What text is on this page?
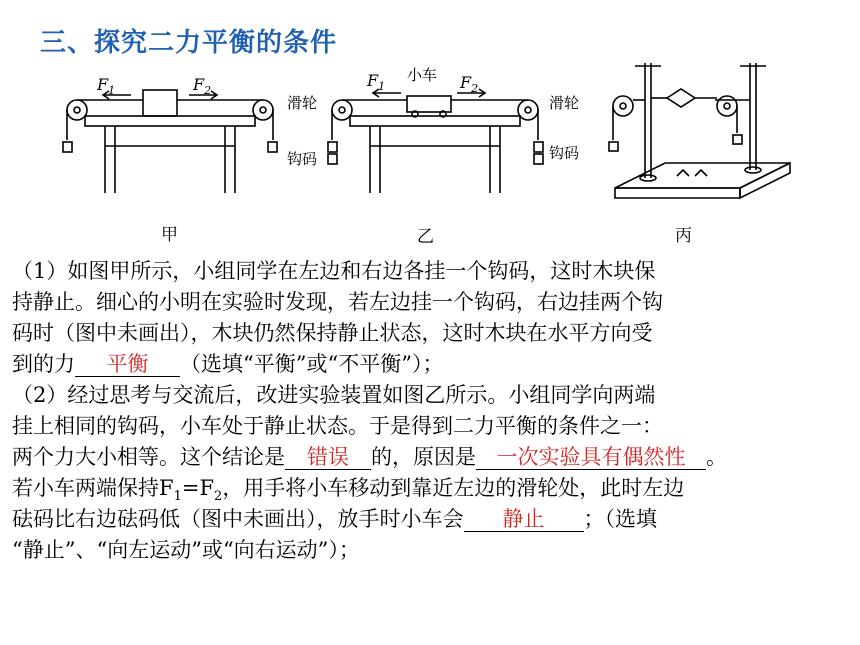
三、探究二力平衡的条件
$F_1$	$F_2$
$F_1$	$F_2$
小车
滑轮	滑轮
钩码	钩码
甲	乙	丙
（1）如图甲所示，小组同学在左边和右边各挂一个钩码，这时木块保
持静止。细心的小明在实验时发现，若左边挂一个钩码，右边挂两个钩
码时（图中未画出），木块仍然保持静止状态，这时木块在水平方向受
到的力 平衡 （选填“平衡”或“不平衡”）；
（2）经过思考与交流后，改进实验装置如图乙所示。小组同学向两端
挂上相同的钩码，小车处于静止状态。于是得到二力平衡的条件之一：
两个力大小相等。这个结论是 错误 的，原因是 一次实验具有偶然性 。
若小车两端保持$F_1=F_2$，用手将小车移动到靠近左边的滑轮处，此时左边
砝码比右边砝码低（图中未画出），放手时小车会 静止 ；（选填
“静止”、“向左运动”或“向右运动”）；
